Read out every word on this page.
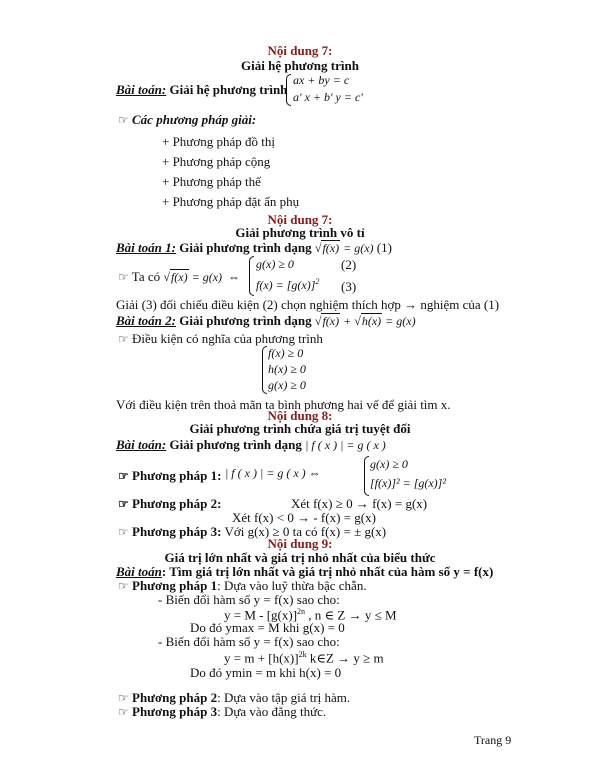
Nội dung 7:
Giải hệ phương trình
Bài toán: Giải hệ phương trình
ax + by = c
a' x + b' y = c'
☞ Các phương pháp giải:
+ Phương pháp đồ thị
+ Phương pháp cộng
+ Phương pháp thế
+ Phương pháp đặt ẩn phụ
Nội dung 7:
Giải phương trình vô tỉ
Bài toán 1: Giải phương trình dạng √f(x) = g(x) (1)
☞ Ta có √f(x) = g(x)  ⇔
g(x) ≥ 0	(2)
$f(x) = [g(x)]^2$ (3)
Giải (3) đối chiếu điều kiện (2) chọn nghiệm thích hợp → nghiệm của (1)
Bài toán 2: Giải phương trình dạng √f(x) + √h(x) = g(x)
☞ Điều kiện có nghĩa của phương trình
f(x) ≥ 0
h(x) ≥ 0
g(x) ≥ 0
Với điều kiện trên thoả mãn ta bình phương hai vế để giải tìm x.
Nội dung 8:
Giải phương trình chứa giá trị tuyệt đối
Bài toán: Giải phương trình dạng | f ( x ) | = g ( x )
☞ Phương pháp 1: | f ( x ) | = g ( x ) ⇔
g(x) ≥ 0
[f(x)]² = [g(x)]²
☞ Phương pháp 2:	Xét f(x) ≥ 0 → f(x) = g(x)
Xét f(x) < 0 → - f(x) = g(x)
☞ Phương pháp 3: Với g(x) ≥ 0 ta có f(x) = ± g(x)
Nội dung 9:
Giá trị lớn nhất và giá trị nhỏ nhất của biểu thức
Bài toán: Tìm giá trị lớn nhất và giá trị nhỏ nhất của hàm số y = f(x)
☞ Phương pháp 1: Dựa vào luỹ thừa bậc chẵn.
- Biến đổi hàm số y = f(x) sao cho:
$y = M - [g(x)]^{2n}$ , n ∈ Z → y ≤ M
Do đó ymax = M khi g(x) = 0
- Biến đổi hàm số y = f(x) sao cho:
$y = m + [h(x)]^{2k}$ k∈Z → y ≥ m
Do đó ymin = m khi h(x) = 0
☞ Phương pháp 2: Dựa vào tập giá trị hàm.
☞ Phương pháp 3: Dựa vào đẳng thức.
Trang 9
